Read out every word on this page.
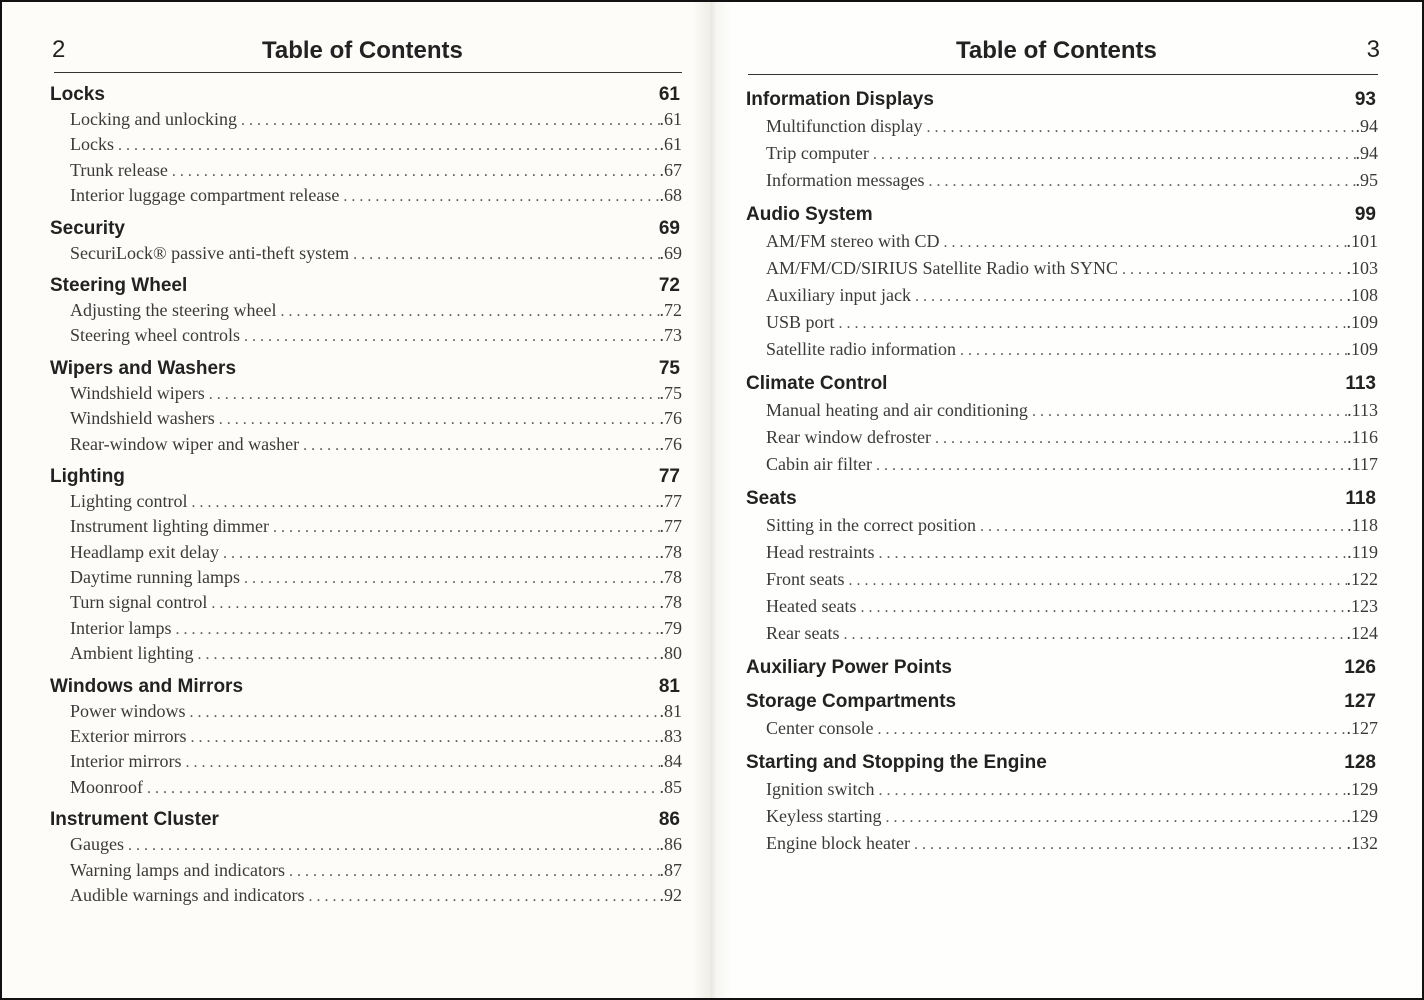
2	Table of Contents
Locks	61
Locking and unlocking . . .	.61
Locks . . .	.61
Trunk release . . .	.67
Interior luggage compartment release . . .	.68
Security	69
SecuriLock® passive anti-theft system . . .	.69
Steering Wheel	72
Adjusting the steering wheel . . .	.72
Steering wheel controls . . .	.73
Wipers and Washers	75
Windshield wipers . . .	.75
Windshield washers . . .	.76
Rear-window wiper and washer . . .	.76
Lighting	77
Lighting control . . .	.77
Instrument lighting dimmer . . .	.77
Headlamp exit delay . . .	.78
Daytime running lamps . . .	.78
Turn signal control . . .	.78
Interior lamps . . .	.79
Ambient lighting . . .	.80
Windows and Mirrors	81
Power windows . . .	.81
Exterior mirrors . . .	.83
Interior mirrors . . .	.84
Moonroof . . .	.85
Instrument Cluster	86
Gauges . . .	.86
Warning lamps and indicators . . .	.87
Audible warnings and indicators . . .	.92
Table of Contents	3
Information Displays	93
Multifunction display . . .	.94
Trip computer . . .	.94
Information messages . . .	.95
Audio System	99
AM/FM stereo with CD . . .	.101
AM/FM/CD/SIRIUS Satellite Radio with SYNC . . .	.103
Auxiliary input jack . . .	.108
USB port . . .	.109
Satellite radio information . . .	.109
Climate Control	113
Manual heating and air conditioning . . .	.113
Rear window defroster . . .	.116
Cabin air filter . . .	.117
Seats	118
Sitting in the correct position . . .	.118
Head restraints . . .	.119
Front seats . . .	.122
Heated seats . . .	.123
Rear seats . . .	.124
Auxiliary Power Points	126
Storage Compartments	127
Center console . . .	.127
Starting and Stopping the Engine	128
Ignition switch . . .	.129
Keyless starting . . .	.129
Engine block heater . . .	.132
